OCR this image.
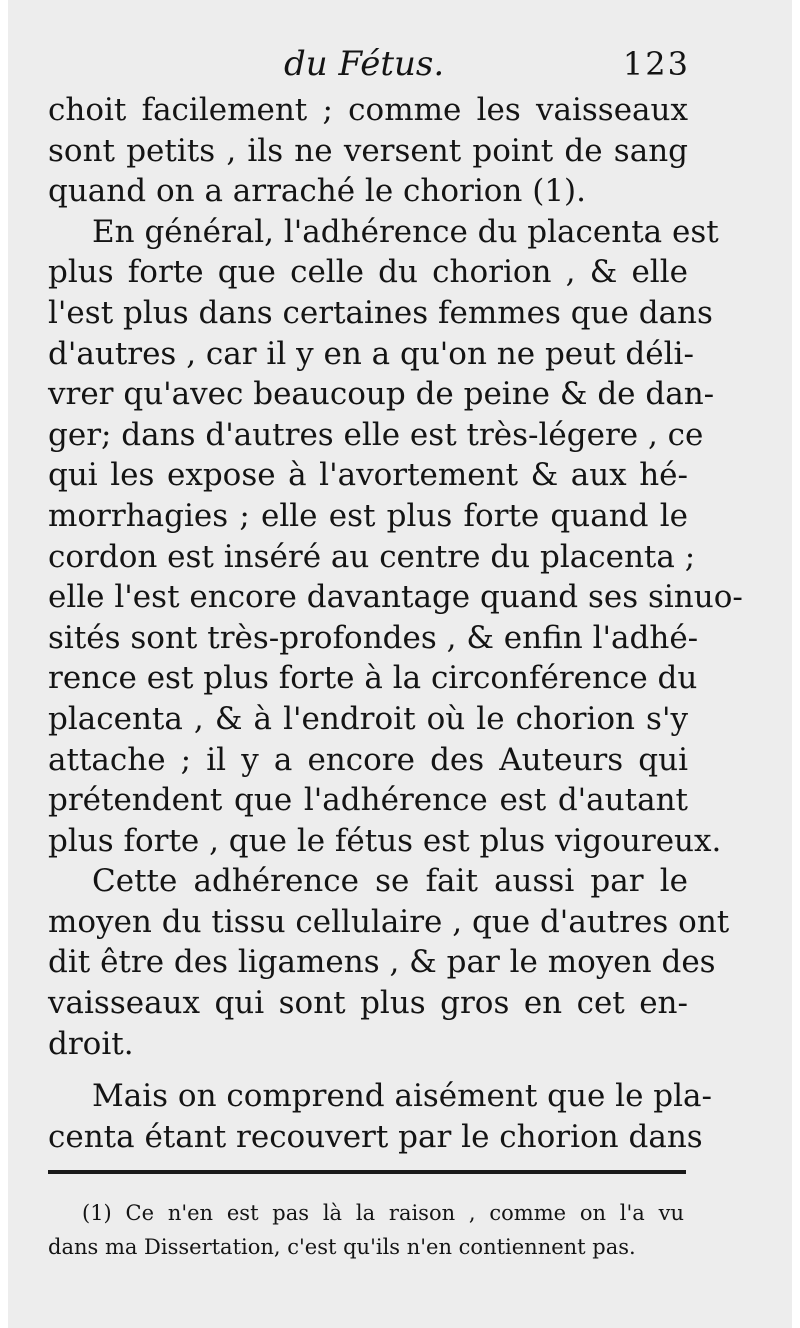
du Fétus.	123
choit facilement ; comme les vaisseaux
sont petits , ils ne versent point de sang
quand on a arraché le chorion (1).
En général, l'adhérence du placenta est
plus forte que celle du chorion , & elle
l'est plus dans certaines femmes que dans
d'autres , car il y en a qu'on ne peut déli-
vrer qu'avec beaucoup de peine & de dan-
ger; dans d'autres elle est très-légere , ce
qui les expose à l'avortement & aux hé-
morrhagies ; elle est plus forte quand le
cordon est inséré au centre du placenta ;
elle l'est encore davantage quand ses sinuo-
sités sont très-profondes , & enfin l'adhé-
rence est plus forte à la circonférence du
placenta , & à l'endroit où le chorion s'y
attache ; il y a encore des Auteurs qui
prétendent que l'adhérence est d'autant
plus forte , que le fétus est plus vigoureux.
Cette adhérence se fait aussi par le
moyen du tissu cellulaire , que d'autres ont
dit être des ligamens , & par le moyen des
vaisseaux qui sont plus gros en cet en-
droit.
Mais on comprend aisément que le pla-
centa étant recouvert par le chorion dans
(1) Ce n'en est pas là la raison , comme on l'a vu
dans ma Dissertation, c'est qu'ils n'en contiennent pas.
